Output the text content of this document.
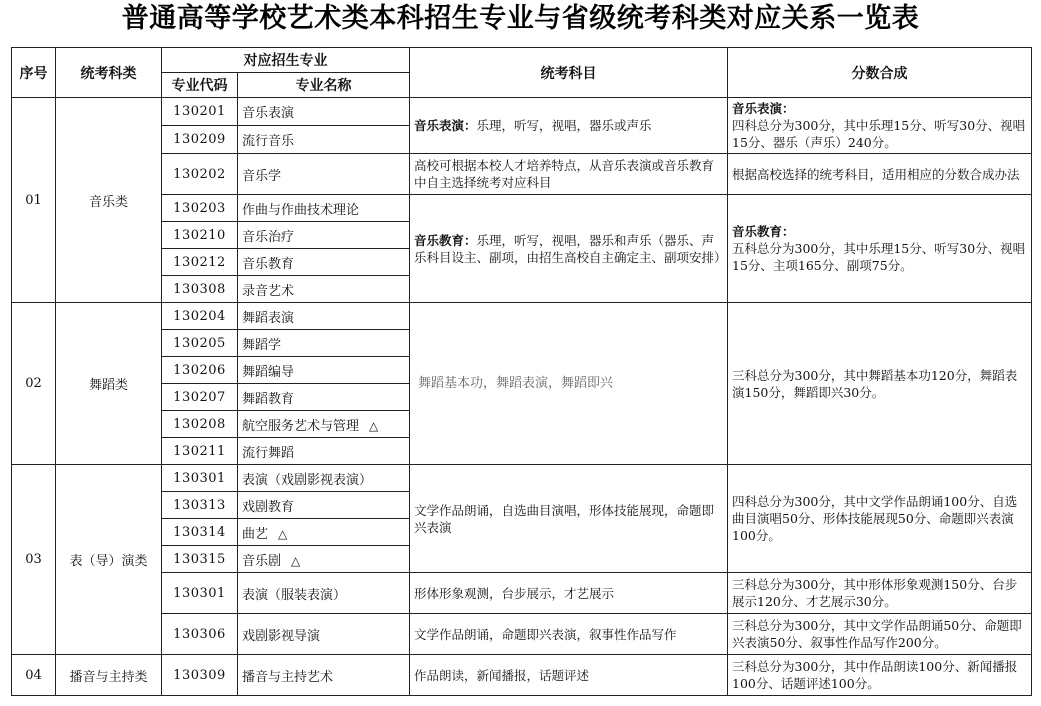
普通高等学校艺术类本科招生专业与省级统考科类对应关系一览表
序号	统考科类	对应招生专业		统考科目	分数合成
		专业代码	专业名称		
01	音乐类	130201	音乐表演	音乐表演：乐理，听写，视唱，器乐或声乐	音乐表演：
四科总分为300分，其中乐理15分、听写30分、视唱15分、器乐（声乐）240分。
		130209	流行音乐		
		130202	音乐学	高校可根据本校人才培养特点，从音乐表演或音乐教育中自主选择统考对应科目	根据高校选择的统考科目，适用相应的分数合成办法
		130203	作曲与作曲技术理论	音乐教育：乐理，听写，视唱，器乐和声乐（器乐、声乐科目设主、副项，由招生高校自主确定主、副项安排）	音乐教育：
五科总分为300分，其中乐理15分、听写30分、视唱15分、主项165分、副项75分。
		130210	音乐治疗		
		130212	音乐教育		
		130308	录音艺术		
02	舞蹈类	130204	舞蹈表演	舞蹈基本功，舞蹈表演，舞蹈即兴	三科总分为300分，其中舞蹈基本功120分，舞蹈表演150分，舞蹈即兴30分。
		130205	舞蹈学		
		130206	舞蹈编导		
		130207	舞蹈教育		
		130208	航空服务艺术与管理 △		
		130211	流行舞蹈		
03	表（导）演类	130301	表演（戏剧影视表演）	文学作品朗诵，自选曲目演唱，形体技能展现，命题即兴表演	四科总分为300分，其中文学作品朗诵100分、自选曲目演唱50分、形体技能展现50分、命题即兴表演100分。
		130313	戏剧教育		
		130314	曲艺 △		
		130315	音乐剧 △		
		130301	表演（服装表演）	形体形象观测，台步展示，才艺展示	三科总分为300分，其中形体形象观测150分、台步展示120分、才艺展示30分。
		130306	戏剧影视导演	文学作品朗诵，命题即兴表演，叙事性作品写作	三科总分为300分，其中文学作品朗诵50分、命题即兴表演50分、叙事性作品写作200分。
04	播音与主持类	130309	播音与主持艺术	作品朗读，新闻播报，话题评述	三科总分为300分，其中作品朗读100分、新闻播报100分、话题评述100分。
